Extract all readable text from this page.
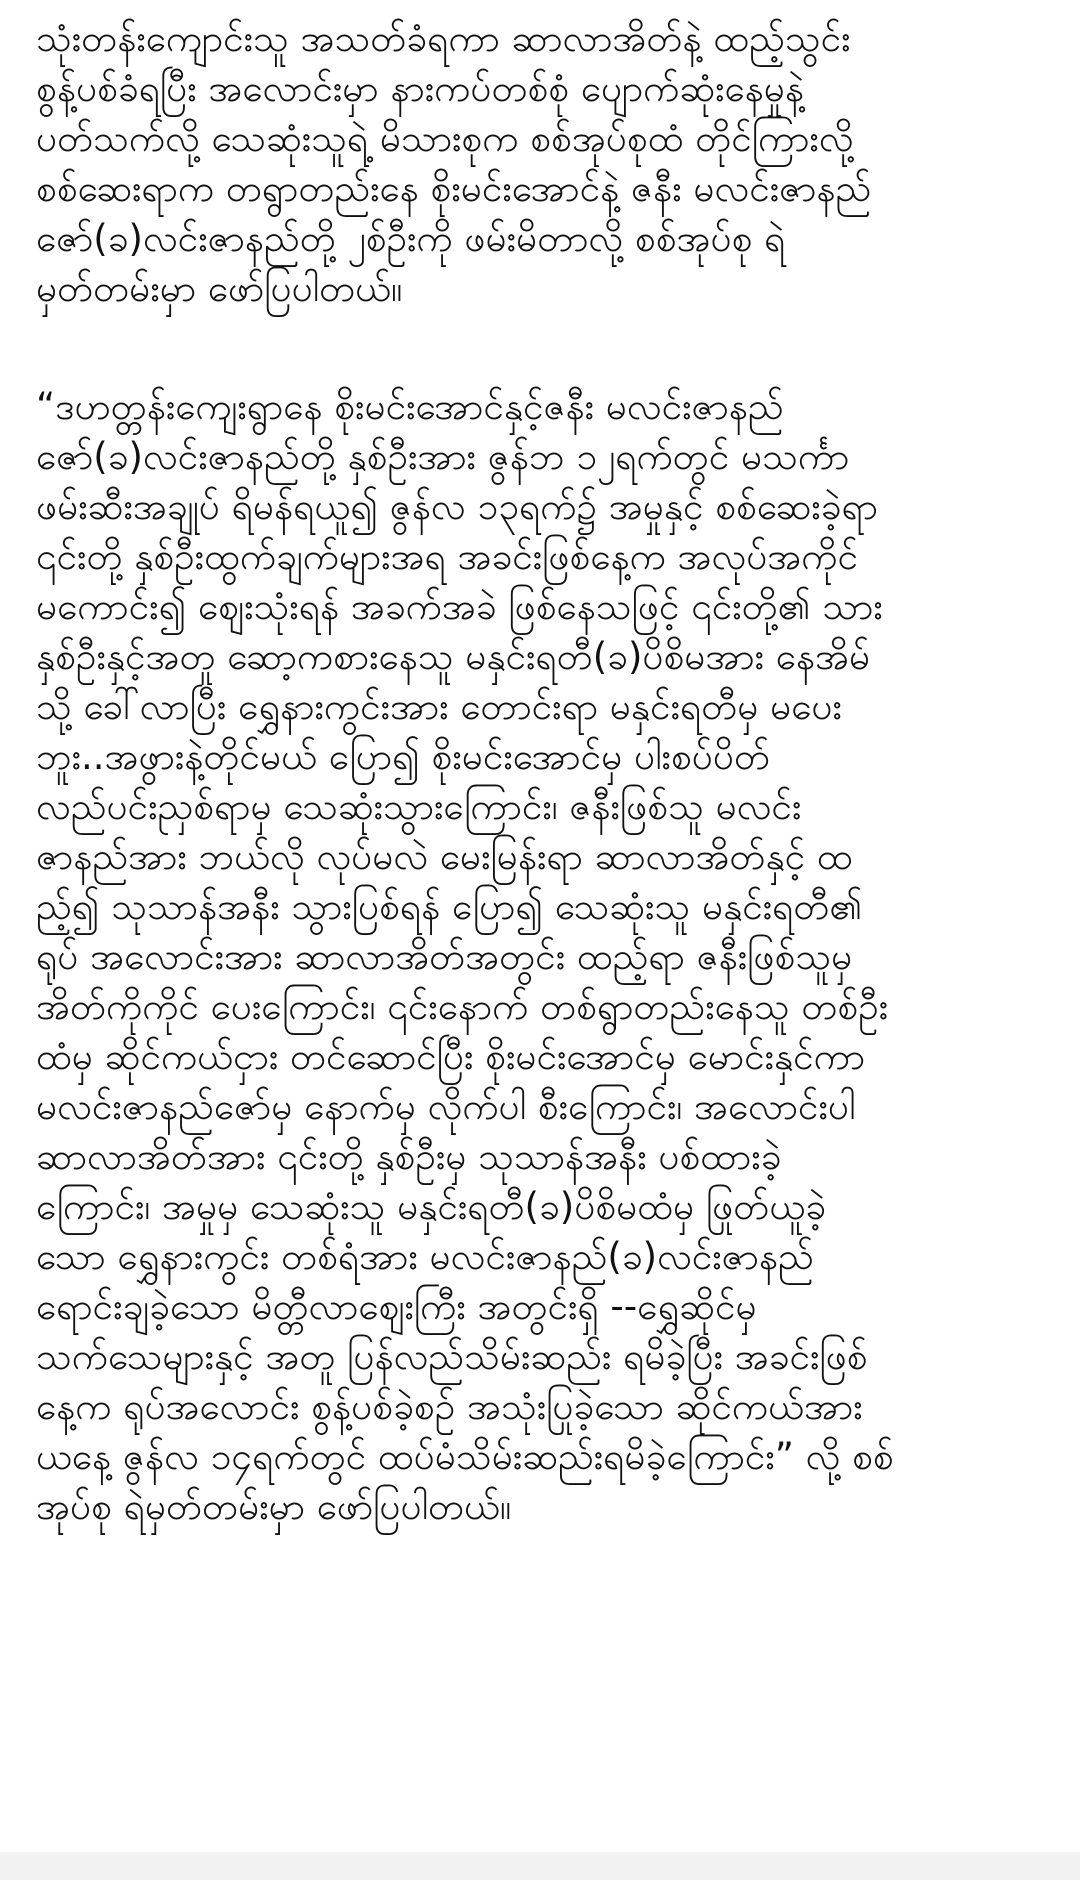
သုံးတန်းကျောင်းသူ အသတ်ခံရကာ ဆာလာအိတ်နဲ့ ထည့်သွင်း
စွန့်ပစ်ခံရပြီး အလောင်းမှာ နားကပ်တစ်စုံ ပျောက်ဆုံးနေမှုနဲ့
ပတ်သက်လို့ သေဆုံးသူရဲ့ မိသားစုက စစ်အုပ်စုထံ တိုင်ကြားလို့
စစ်ဆေးရာက တရွာတည်းနေ စိုးမင်းအောင်နဲ့ ဇနီး မလင်းဇာနည်
ဇော်(ခ)လင်းဇာနည်တို့ ၂စ်ဦးကို ဖမ်းမိတာလို့ စစ်အုပ်စု ရဲ
မှတ်တမ်းမှာ ဖော်ပြပါတယ်။
“ဒဟတ္တန်းကျေးရွာနေ စိုးမင်းအောင်နှင့်ဇနီး မလင်းဇာနည်
ဇော်(ခ)လင်းဇာနည်တို့ နှစ်ဦးအား ဇွန်ဘ ၁၂ရက်တွင် မသင်္ကာ
ဖမ်းဆီးအချုပ် ရိမန်ရယူ၍ ဇွန်လ ၁၃ရက်၌ အမှုနှင့် စစ်ဆေးခဲ့ရာ
၎င်းတို့ နှစ်ဦးထွက်ချက်များအရ အခင်းဖြစ်နေ့က အလုပ်အကိုင်
မကောင်း၍ ဈေးသုံးရန် အခက်အခဲ ဖြစ်နေသဖြင့် ၎င်းတို့၏ သား
နှစ်ဦးနှင့်အတူ ဆော့ကစားနေသူ မနှင်းရတီ(ခ)ပိစိမအား နေအိမ်
သို့ ခေါ်လာပြီး ရွှေနားကွင်းအား တောင်းရာ မနှင်းရတီမှ မပေး
ဘူး..အဖွားနဲ့တိုင်မယ် ပြော၍ စိုးမင်းအောင်မှ ပါးစပ်ပိတ်
လည်ပင်းညှစ်ရာမှ သေဆုံးသွားကြောင်း၊ ဇနီးဖြစ်သူ မလင်း
ဇာနည်အား ဘယ်လို လုပ်မလဲ မေးမြန်းရာ ဆာလာအိတ်နှင့် ထ
ည့်၍ သုသာန်အနီး သွားပြစ်ရန် ပြော၍ သေဆုံးသူ မနှင်းရတီ၏
ရုပ် အလောင်းအား ဆာလာအိတ်အတွင်း ထည့်ရာ ဇနီးဖြစ်သူမှ
အိတ်ကိုကိုင် ပေးကြောင်း၊ ၎င်းနောက် တစ်ရွာတည်းနေသူ တစ်ဦး
ထံမှ ဆိုင်ကယ်ငှား တင်ဆောင်ပြီး စိုးမင်းအောင်မှ မောင်းနှင်ကာ
မလင်းဇာနည်ဇော်မှ နောက်မှ လိုက်ပါ စီးကြောင်း၊ အလောင်းပါ
ဆာလာအိတ်အား ၎င်းတို့ နှစ်ဦးမှ သုသာန်အနီး ပစ်ထားခဲ့
ကြောင်း၊ အမှုမှ သေဆုံးသူ မနှင်းရတီ(ခ)ပိစိမထံမှ ဖြုတ်ယူခဲ့
သော ရွှေနားကွင်း တစ်ရံအား မလင်းဇာနည်(ခ)လင်းဇာနည်
ရောင်းချခဲ့သော မိတ္တီလာဈေးကြီး အတွင်းရှိ --ရွှေဆိုင်မှ
သက်သေများနှင့် အတူ ပြန်လည်သိမ်းဆည်း ရမိခဲ့ပြီး အခင်းဖြစ်
နေ့က ရုပ်အလောင်း စွန့်ပစ်ခဲ့စဉ် အသုံးပြုခဲ့သော ဆိုင်ကယ်အား
ယနေ့ ဇွန်လ ၁၄ရက်တွင် ထပ်မံသိမ်းဆည်းရမိခဲ့ကြောင်း” လို့ စစ်
အုပ်စု ရဲမှတ်တမ်းမှာ ဖော်ပြပါတယ်။
